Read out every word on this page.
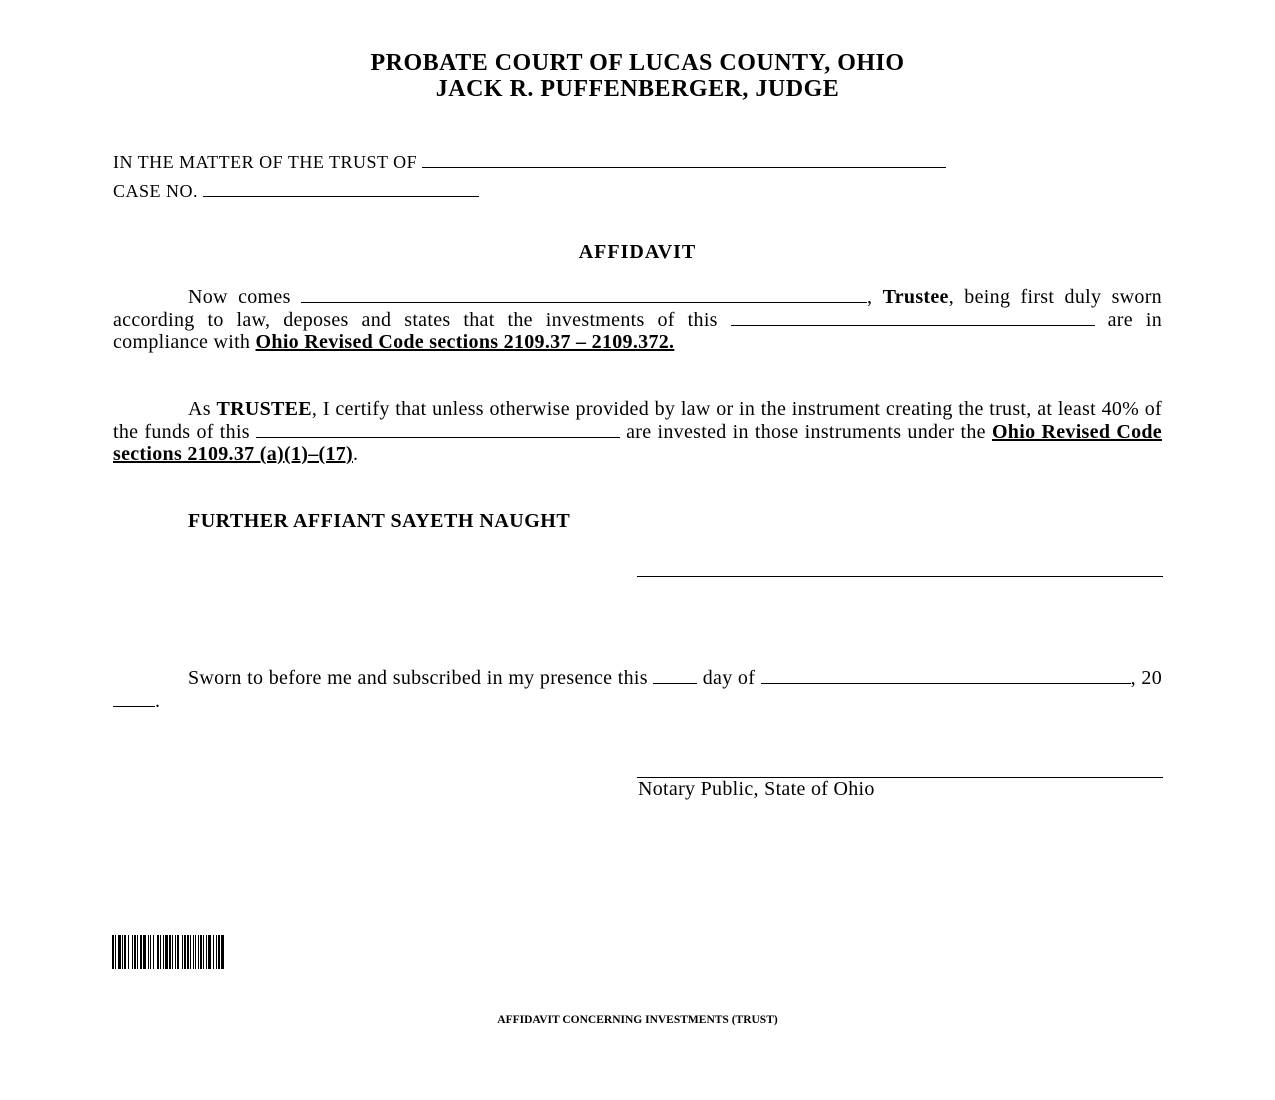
PROBATE COURT OF LUCAS COUNTY, OHIO
JACK R. PUFFENBERGER, JUDGE
IN THE MATTER OF THE TRUST OF
CASE NO.
AFFIDAVIT
Now comes	, Trustee, being first duly sworn according to law, deposes and states that the investments of this	are in compliance with Ohio Revised Code sections 2109.37 – 2109.372.
As TRUSTEE, I certify that unless otherwise provided by law or in the instrument creating the trust, at least 40% of the funds of this	are invested in those instruments under the Ohio Revised Code sections 2109.37 (a)(1)–(17).
FURTHER AFFIANT SAYETH NAUGHT
Sworn to before me and subscribed in my presence this	day of	, 20.
Notary Public, State of Ohio
AFFIDAVIT CONCERNING INVESTMENTS (TRUST)
